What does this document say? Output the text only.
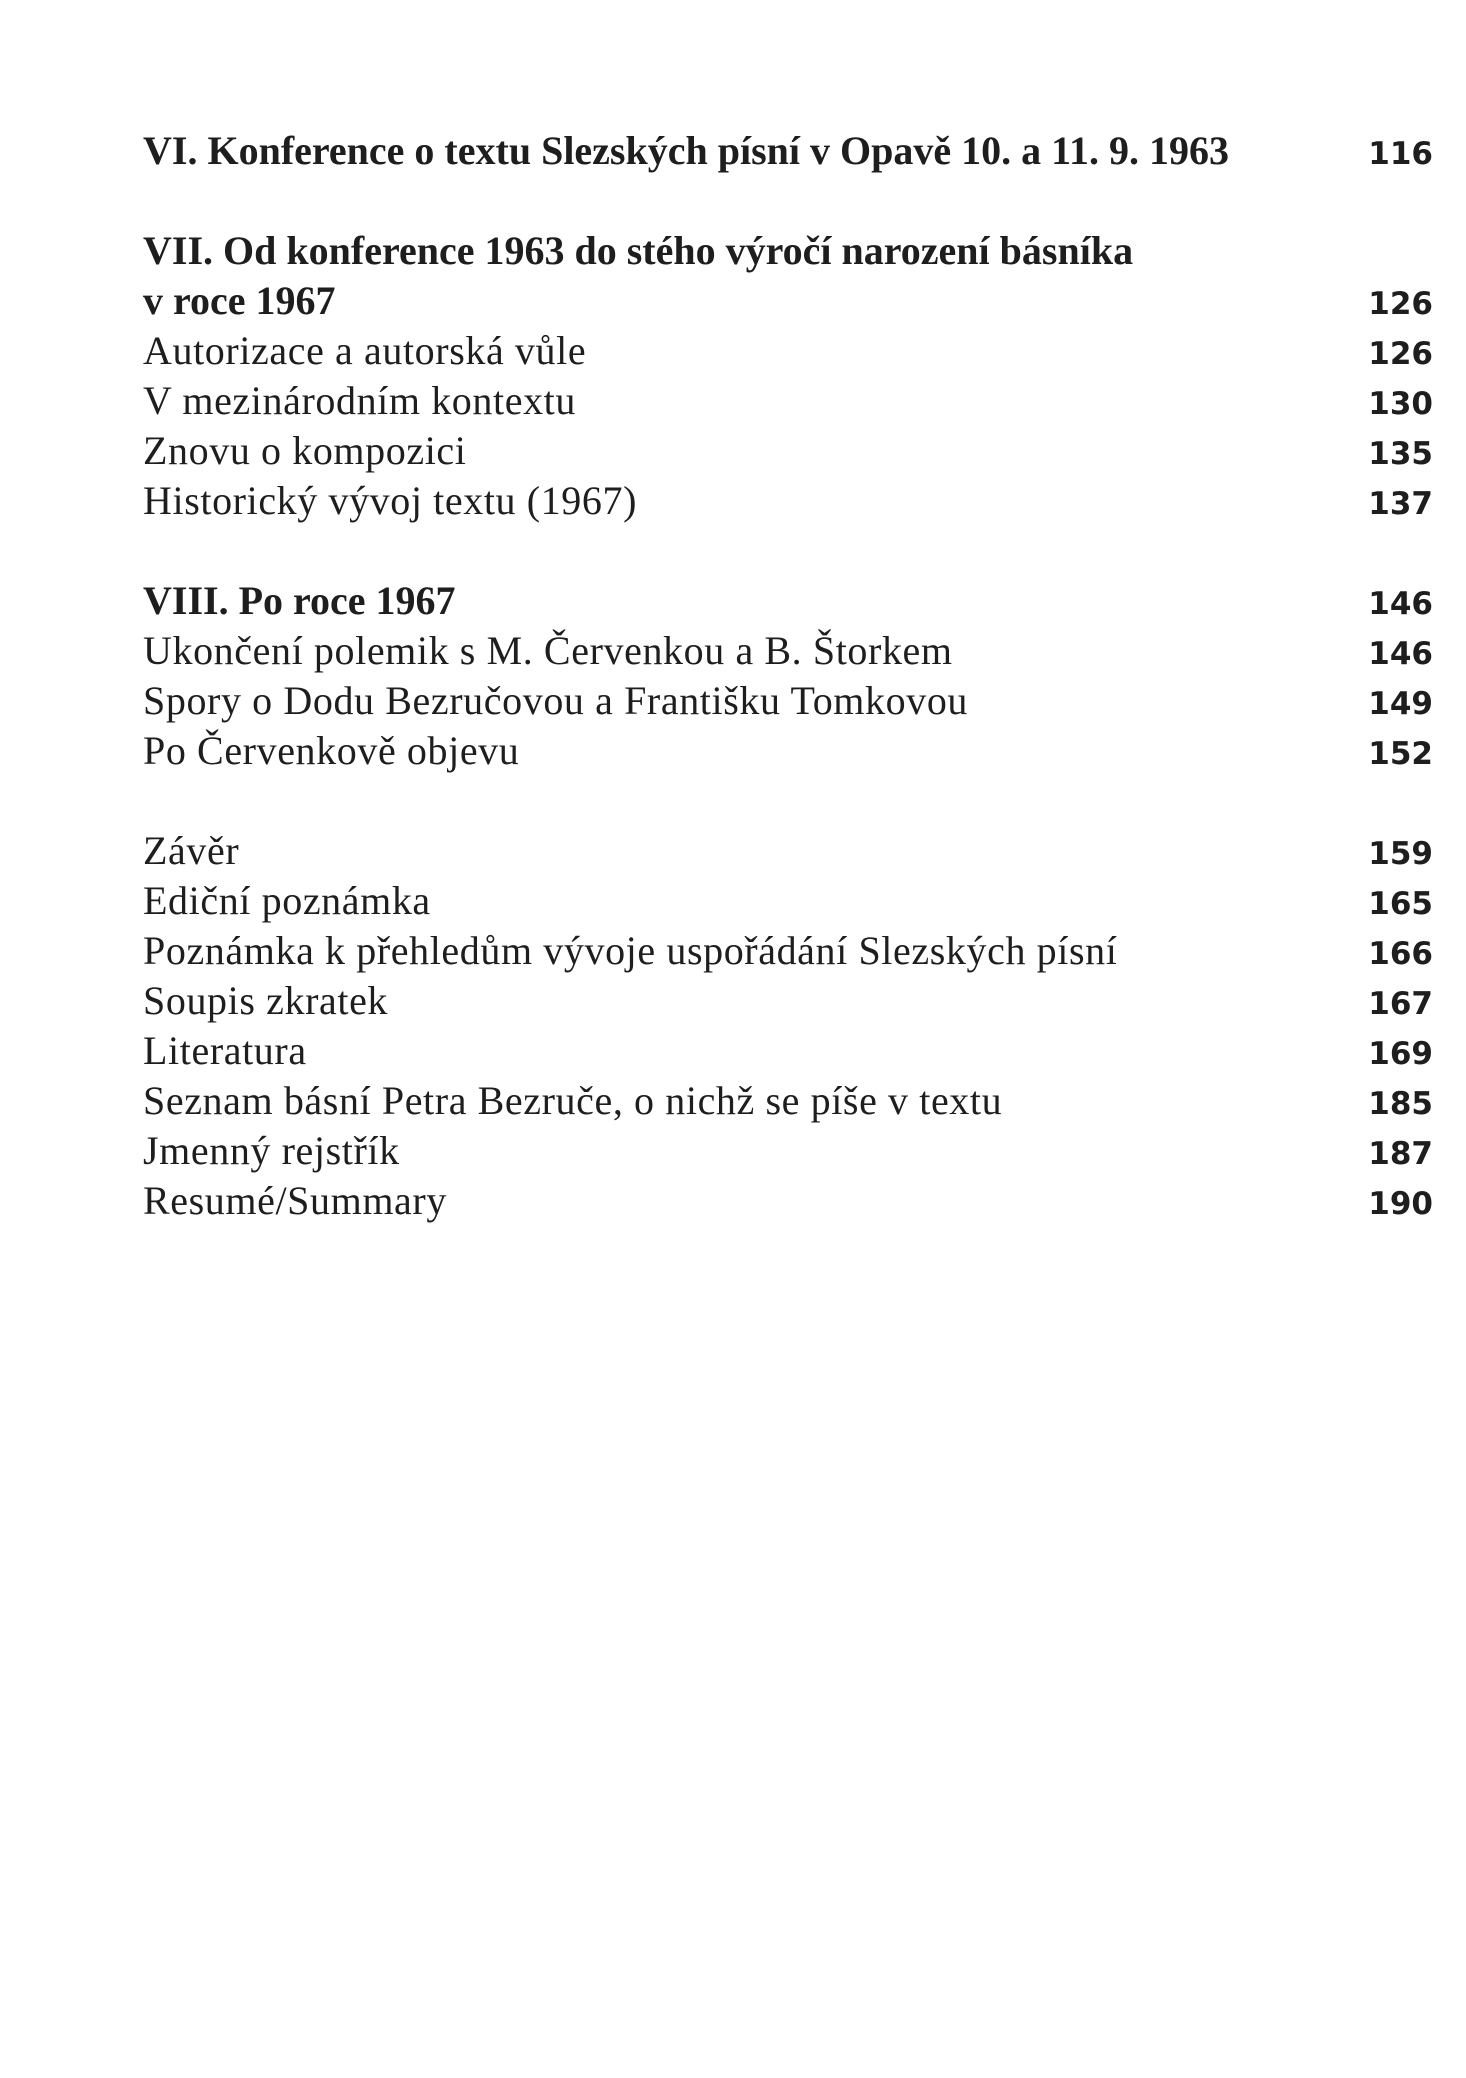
VI. Konference o textu Slezských písní v Opavě 10. a 11. 9. 1963	116
VII. Od konference 1963 do stého výročí narození básníka
v roce 1967	126
Autorizace a autorská vůle	126
V mezinárodním kontextu	130
Znovu o kompozici	135
Historický vývoj textu (1967)	137
VIII. Po roce 1967	146
Ukončení polemik s M. Červenkou a B. Štorkem	146
Spory o Dodu Bezručovou a Františku Tomkovou	149
Po Červenkově objevu	152
Závěr	159
Ediční poznámka	165
Poznámka k přehledům vývoje uspořádání Slezských písní	166
Soupis zkratek	167
Literatura	169
Seznam básní Petra Bezruče, o nichž se píše v textu	185
Jmenný rejstřík	187
Resumé/Summary	190
